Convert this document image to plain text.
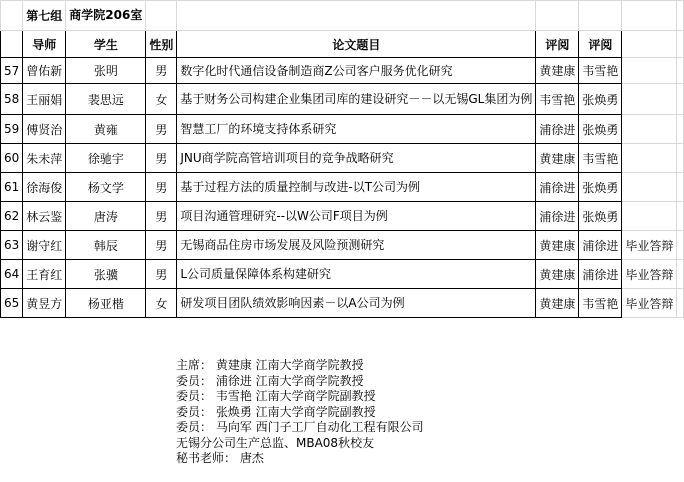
	第七组	商学院206室						
	导师	学生	性别	论文题目	评阅	评阅		
57	曾佑新	张明	男	数字化时代通信设备制造商Z公司客户服务优化研究	黄建康	韦雪艳		
58	王丽娟	裴思远	女	基于财务公司构建企业集团司库的建设研究－－以无锡GL集团为例	韦雪艳	张焕勇		
59	傅贤治	黄雍	男	智慧工厂的环境支持体系研究	浦徐进	张焕勇		
60	朱未萍	徐驰宇	男	JNU商学院高管培训项目的竞争战略研究	黄建康	韦雪艳		
61	徐海俊	杨文学	男	基于过程方法的质量控制与改进-以T公司为例	浦徐进	张焕勇		
62	林云鉴	唐涛	男	项目沟通管理研究--以W公司F项目为例	浦徐进	张焕勇		
63	谢守红	韩辰	男	无锡商品住房市场发展及风险预测研究	黄建康	浦徐进	毕业答辩	
64	王育红	张骥	男	L公司质量保障体系构建研究	黄建康	浦徐进	毕业答辩	
65	黄昱方	杨亚楷	女	研发项目团队绩效影响因素－以A公司为例	黄建康	韦雪艳	毕业答辩	
主席： 黄建康 江南大学商学院教授
委员： 浦徐进 江南大学商学院教授
委员： 韦雪艳 江南大学商学院副教授
委员： 张焕勇 江南大学商学院副教授
委员： 马向军 西门子工厂自动化工程有限公司
无锡分公司生产总监、MBA08秋校友
秘书老师： 唐杰
